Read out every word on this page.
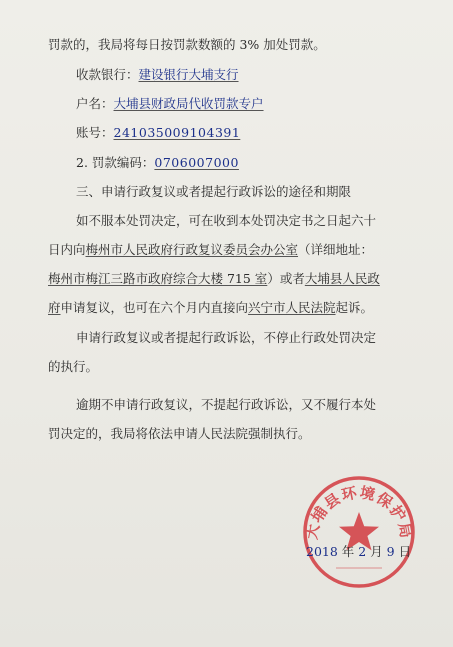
罚款的，我局将每日按罚款数额的 3% 加处罚款。
收款银行：建设银行大埔支行
户名：大埔县财政局代收罚款专户
账号：241035009104391
2. 罚款编码：0706007000
三、申请行政复议或者提起行政诉讼的途径和期限
如不服本处罚决定，可在收到本处罚决定书之日起六十
日内向梅州市人民政府行政复议委员会办公室（详细地址：
梅州市梅江三路市政府综合大楼 715 室）或者大埔县人民政
府申请复议，也可在六个月内直接向兴宁市人民法院起诉。
申请行政复议或者提起行政诉讼，不停止行政处罚决定
的执行。
逾期不申请行政复议，不提起行政诉讼，又不履行本处
罚决定的，我局将依法申请人民法院强制执行。
大埔县环境保护局
2018 年 2 月 9 日
